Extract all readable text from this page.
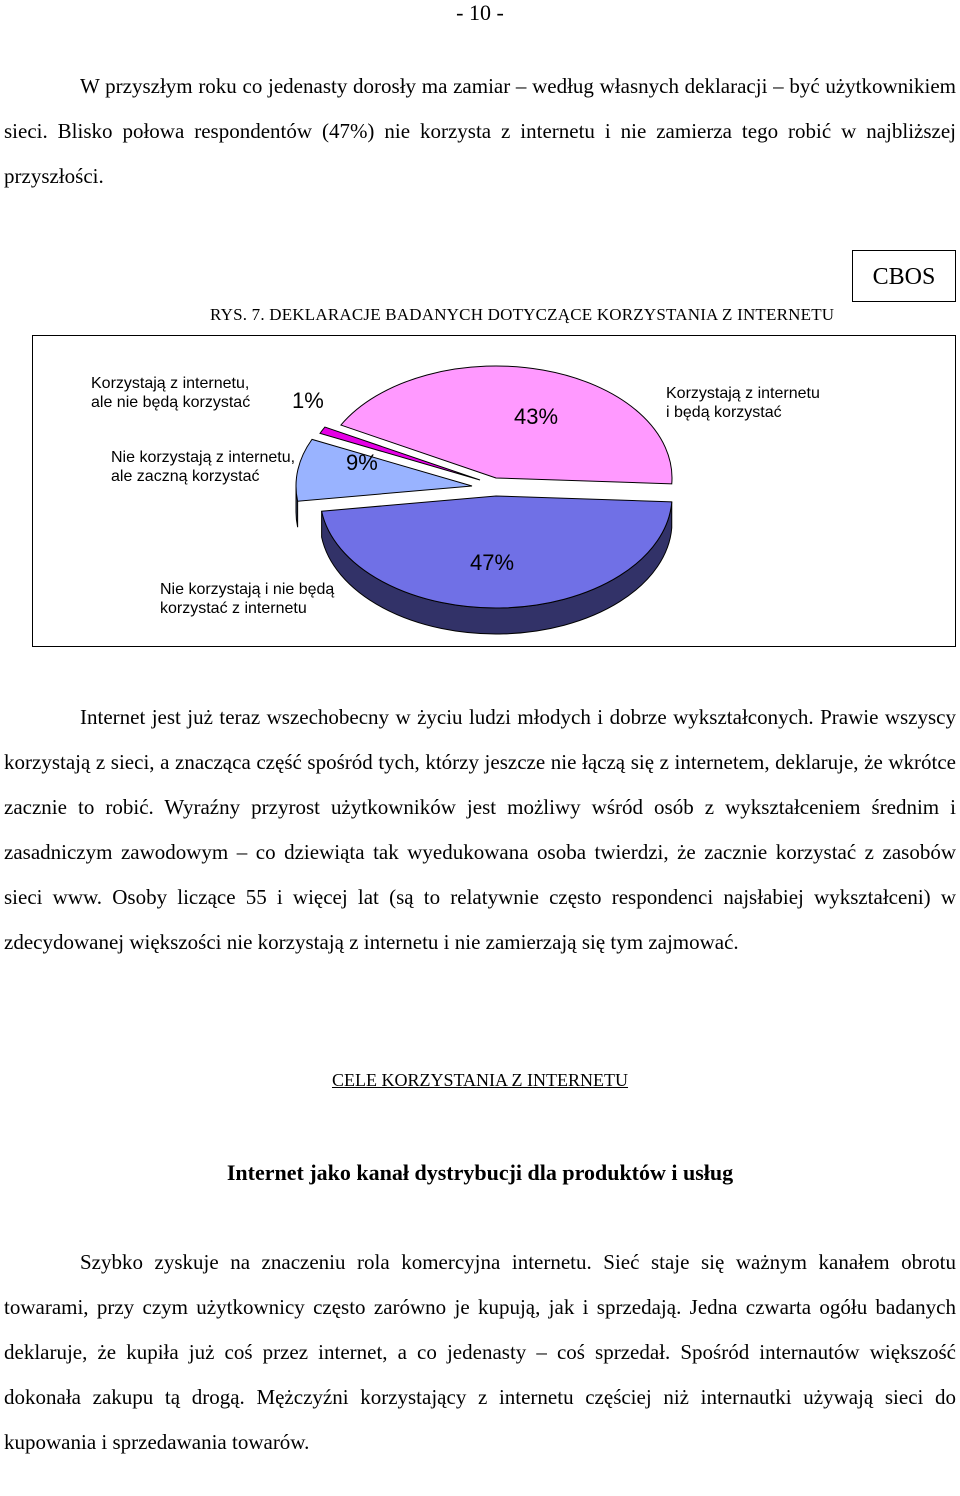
- 10 -

W przyszłym roku co jedenasty dorosły ma zamiar – według własnych deklaracji – być użytkownikiem sieci. Blisko połowa respondentów (47%) nie korzysta z internetu i nie zamierza tego robić w najbliższej przyszłości.

RYS. 7. DEKLARACJE BADANYCH DOTYCZĄCE KORZYSTANIA Z INTERNETU
CBOS
Korzystają z internetu,
ale nie będą korzystać 1%
Nie korzystają z internetu,
ale zaczną korzystać
9%
43%
Korzystają z internetu
i będą korzystać
Nie korzystają i nie będą
korzystać z internetu
47%

Internet jest już teraz wszechobecny w życiu ludzi młodych i dobrze wykształconych. Prawie wszyscy korzystają z sieci, a znacząca część spośród tych, którzy jeszcze nie łączą się z internetem, deklaruje, że wkrótce zacznie to robić. Wyraźny przyrost użytkowników jest możliwy wśród osób z wykształceniem średnim i zasadniczym zawodowym – co dziewiąta tak wyedukowana osoba twierdzi, że zacznie korzystać z zasobów sieci www. Osoby liczące 55 i więcej lat (są to relatywnie często respondenci najsłabiej wykształceni) w zdecydowanej większości nie korzystają z internetu i nie zamierzają się tym zajmować.

CELE KORZYSTANIA Z INTERNETU
Internet jako kanał dystrybucji dla produktów i usług

Szybko zyskuje na znaczeniu rola komercyjna internetu. Sieć staje się ważnym kanałem obrotu towarami, przy czym użytkownicy często zarówno je kupują, jak i sprzedają. Jedna czwarta ogółu badanych deklaruje, że kupiła już coś przez internet, a co jedenasty – coś sprzedał. Spośród internautów większość dokonała zakupu tą drogą. Mężczyźni korzystający z internetu częściej niż internautki używają sieci do kupowania i sprzedawania towarów.
